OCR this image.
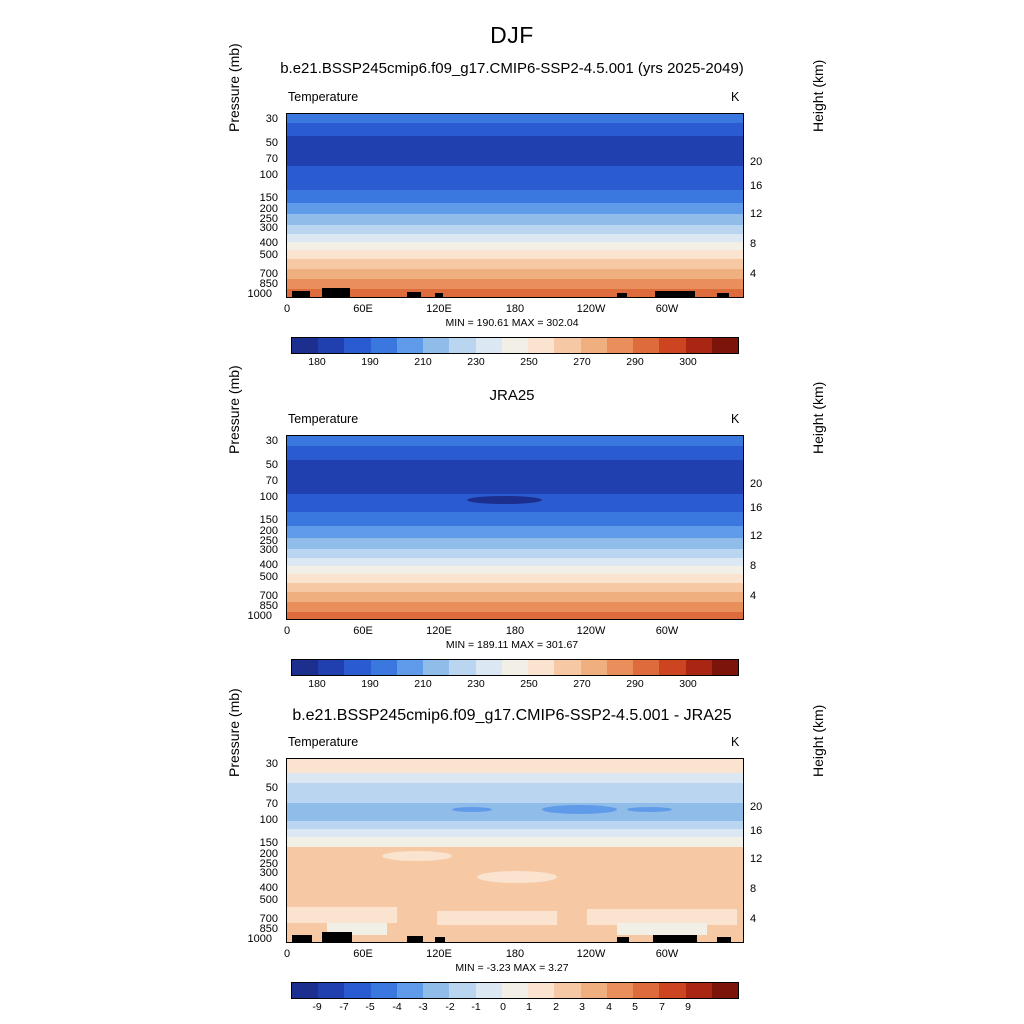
DJF
b.e21.BSSP245cmip6.f09_g17.CMIP6-SSP2-4.5.001 (yrs 2025-2049)
Temperature	K
Pressure (mb)	Height (km)
30
50
70
100
150
200
250
300
400
500
700
850
1000
20
16
12
8
4
0	60E	120E	180	120W	60W
MIN = 190.61 MAX = 302.04
180	190	210	230	250	270	290	300
JRA25
Temperature	K
Pressure (mb)	Height (km)
30
50
70
100
150
200
250
300
400
500
700
850
1000
20
16
12
8
4
0	60E	120E	180	120W	60W
MIN = 189.11 MAX = 301.67
180	190	210	230	250	270	290	300
b.e21.BSSP245cmip6.f09_g17.CMIP6-SSP2-4.5.001 - JRA25
Temperature	K
Pressure (mb)	Height (km)
30
50
70
100
150
200
250
300
400
500
700
850
1000
20
16
12
8
4
0	60E	120E	180	120W	60W
MIN = -3.23 MAX = 3.27
-9 -7 -5 -4 -3 -2 -1 0 1 2 3 4 5 7 9
